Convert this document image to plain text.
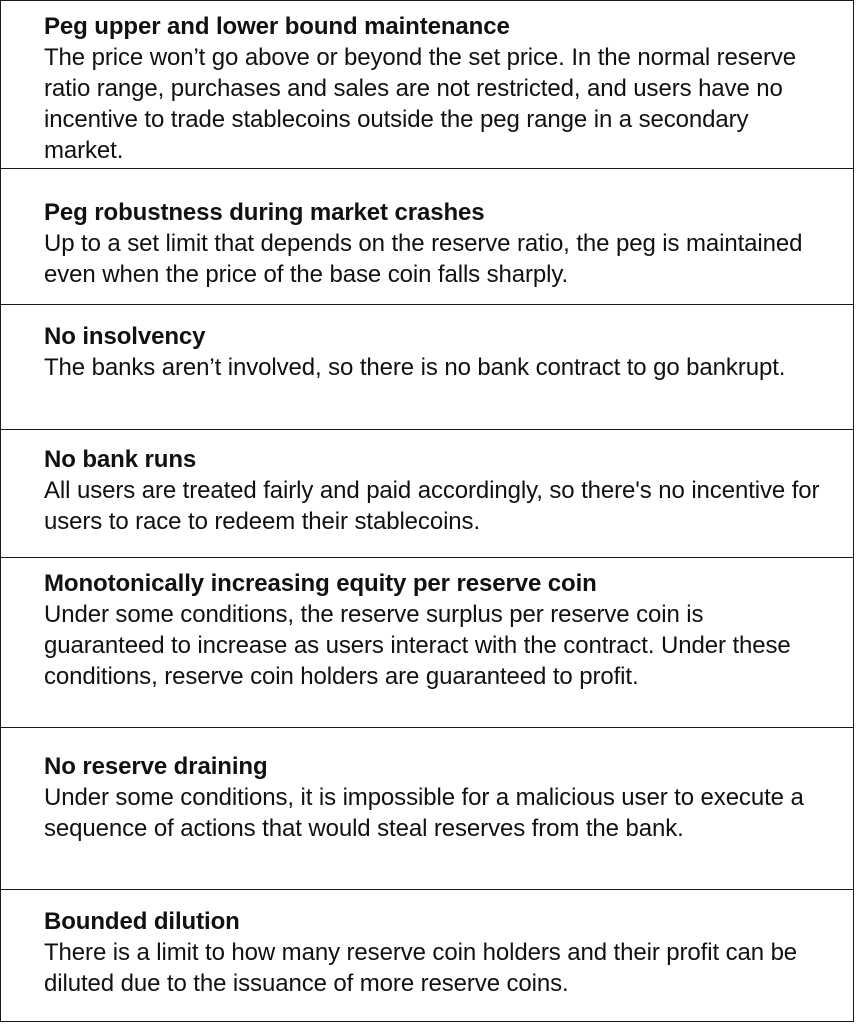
Peg upper and lower bound maintenance
The price won’t go above or beyond the set price. In the normal reserve ratio range, purchases and sales are not restricted, and users have no incentive to trade stablecoins outside the peg range in a secondary market.
Peg robustness during market crashes
Up to a set limit that depends on the reserve ratio, the peg is maintained even when the price of the base coin falls sharply.
No insolvency
The banks aren’t involved, so there is no bank contract to go bankrupt.
No bank runs
All users are treated fairly and paid accordingly, so there's no incentive for users to race to redeem their stablecoins.
Monotonically increasing equity per reserve coin
Under some conditions, the reserve surplus per reserve coin is guaranteed to increase as users interact with the contract. Under these conditions, reserve coin holders are guaranteed to profit.
No reserve draining
Under some conditions, it is impossible for a malicious user to execute a sequence of actions that would steal reserves from the bank.
Bounded dilution
There is a limit to how many reserve coin holders and their profit can be diluted due to the issuance of more reserve coins.
